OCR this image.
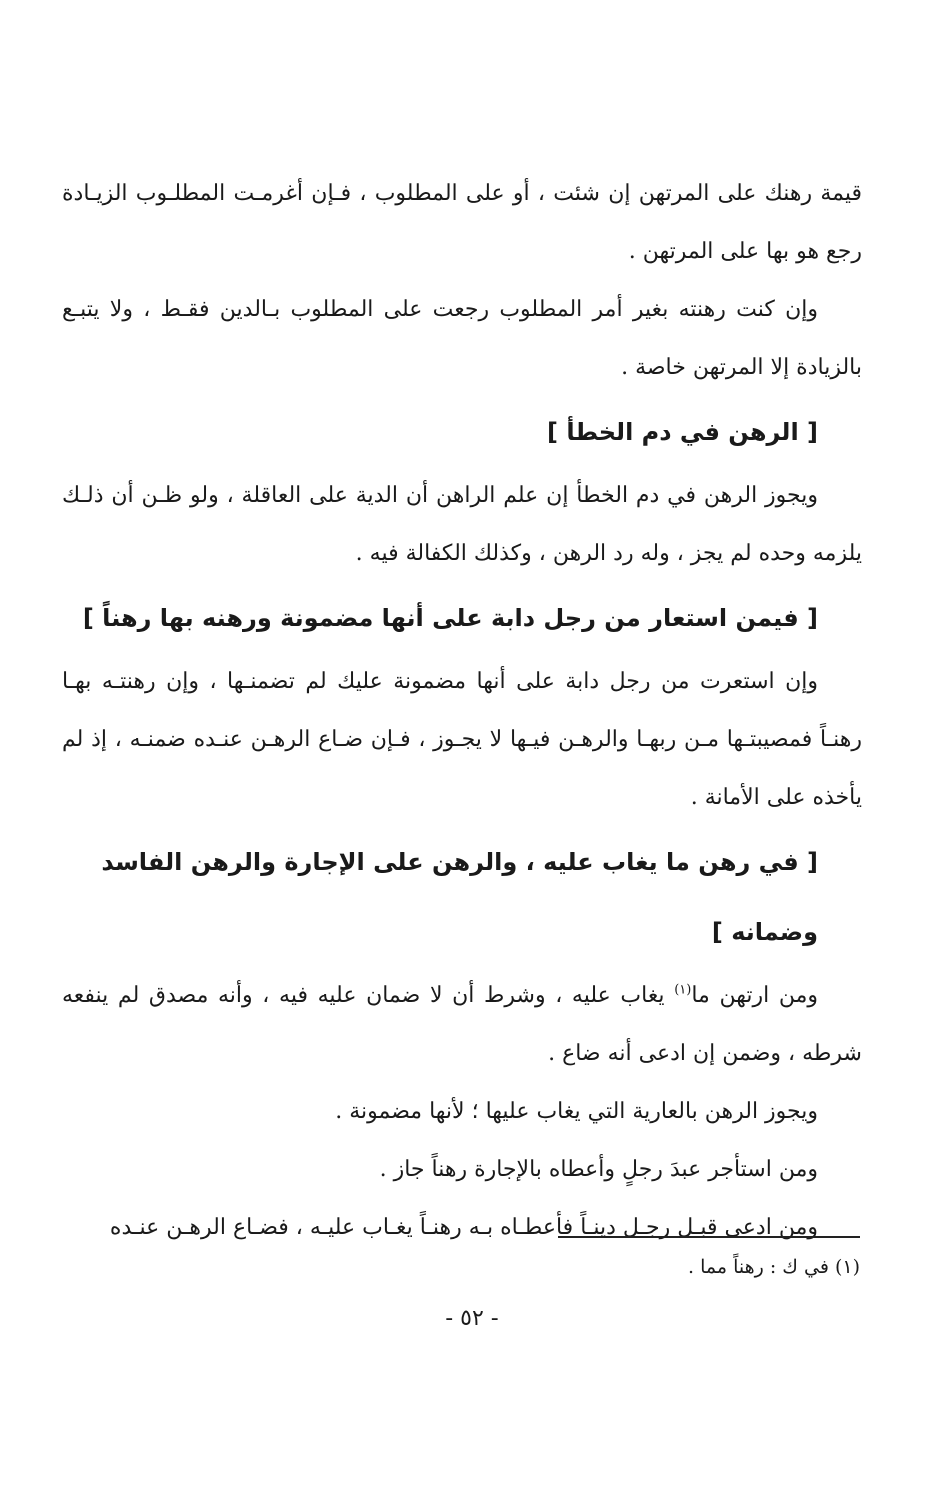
قيمة رهنك على المرتهن إن شئت ، أو على المطلوب ، فـإن أغرمـت المطلـوب الزيـادة رجع هو بها على المرتهن .

وإن كنت رهنته بغير أمر المطلوب رجعت على المطلوب بـالدين فقـط ، ولا يتبـع بالزيادة إلا المرتهن خاصة .

[ الرهن في دم الخطأ ]

ويجوز الرهن في دم الخطأ إن علم الراهن أن الدية على العاقلة ، ولو ظـن أن ذلـك يلزمه وحده لم يجز ، وله رد الرهن ، وكذلك الكفالة فيه .

[ فيمن استعار من رجل دابة على أنها مضمونة ورهنه بها رهناً ]

وإن استعرت من رجل دابة على أنها مضمونة عليك لم تضمنـها ، وإن رهنتـه بهـا رهنـاً فمصيبتـها مـن ربهـا والرهـن فيـها لا يجـوز ، فـإن ضـاع الرهـن عنـده ضمنـه ، إذ لم يأخذه على الأمانة .

[ في رهن ما يغاب عليه ، والرهن على الإجارة والرهن الفاسد وضمانه ]

ومن ارتهن ما$^{(١)}$ يغاب عليه ، وشرط أن لا ضمان عليه فيه ، وأنه مصدق لم ينفعه شرطه ، وضمن إن ادعى أنه ضاع .

ويجوز الرهن بالعارية التي يغاب عليها ؛ لأنها مضمونة .

ومن استأجر عبدَ رجلٍ وأعطاه بالإجارة رهناً جاز .

ومن ادعى قبـل رجـل دينـاً فأعطـاه بـه رهنـاً يغـاب عليـه ، فضـاع الرهـن عنـده

(١) في ك : رهناً مما .
- ٥٢ -
